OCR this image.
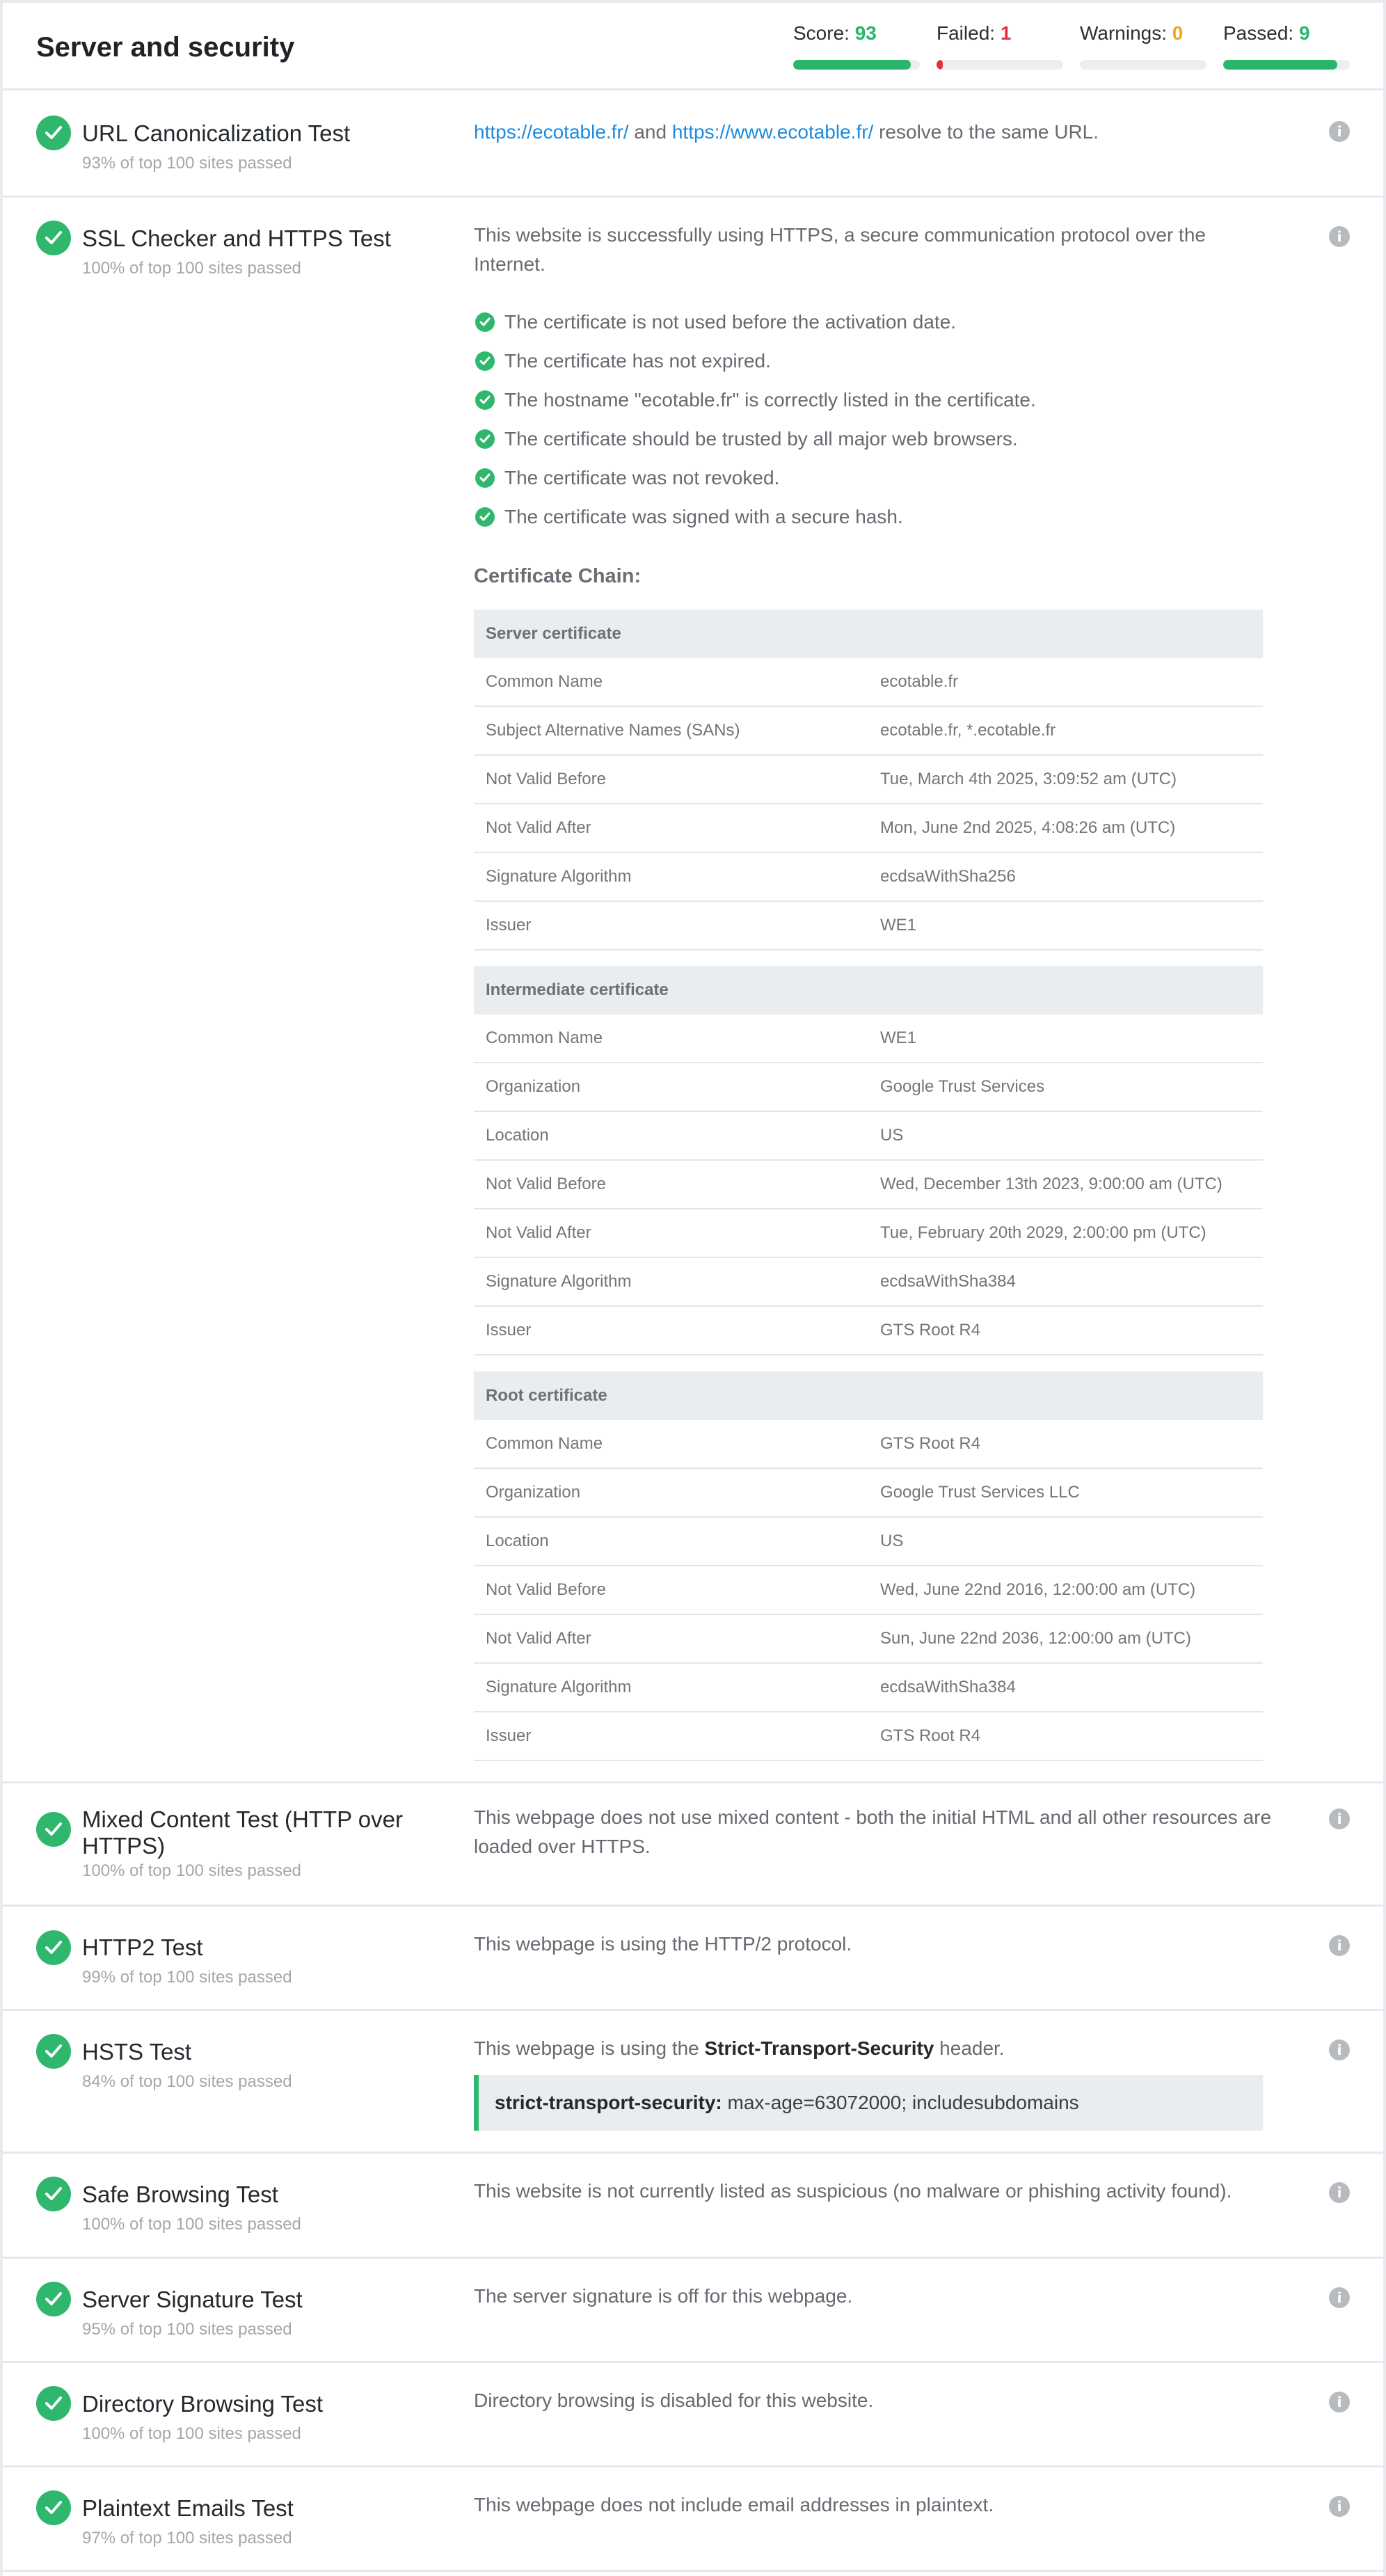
Server and security	Score: 93	Failed: 1	Warnings: 0	Passed: 9
URL Canonicalization Test
93% of top 100 sites passed
https://ecotable.fr/ and https://www.ecotable.fr/ resolve to the same URL.	i
SSL Checker and HTTPS Test
100% of top 100 sites passed
This website is successfully using HTTPS, a secure communication protocol over the Internet.
i
The certificate is not used before the activation date.
The certificate has not expired.
The hostname "ecotable.fr" is correctly listed in the certificate.
The certificate should be trusted by all major web browsers.
The certificate was not revoked.
The certificate was signed with a secure hash.
Certificate Chain:
Server certificate
Common Name	ecotable.fr
Subject Alternative Names (SANs)	ecotable.fr, *.ecotable.fr
Not Valid Before	Tue, March 4th 2025, 3:09:52 am (UTC)
Not Valid After	Mon, June 2nd 2025, 4:08:26 am (UTC)
Signature Algorithm	ecdsaWithSha256
Issuer	WE1
Intermediate certificate
Common Name	WE1
Organization	Google Trust Services
Location	US
Not Valid Before	Wed, December 13th 2023, 9:00:00 am (UTC)
Not Valid After	Tue, February 20th 2029, 2:00:00 pm (UTC)
Signature Algorithm	ecdsaWithSha384
Issuer	GTS Root R4
Root certificate
Common Name	GTS Root R4
Organization	Google Trust Services LLC
Location	US
Not Valid Before	Wed, June 22nd 2016, 12:00:00 am (UTC)
Not Valid After	Sun, June 22nd 2036, 12:00:00 am (UTC)
Signature Algorithm	ecdsaWithSha384
Issuer	GTS Root R4
Mixed Content Test (HTTP over HTTPS)
100% of top 100 sites passed
This webpage does not use mixed content - both the initial HTML and all other resources are loaded over HTTPS.
i
HTTP2 Test
99% of top 100 sites passed
This webpage is using the HTTP/2 protocol.	i
HSTS Test
84% of top 100 sites passed
This webpage is using the Strict-Transport-Security header.	i
strict-transport-security: max-age=63072000; includesubdomains
Safe Browsing Test
100% of top 100 sites passed
This website is not currently listed as suspicious (no malware or phishing activity found).	i
Server Signature Test
95% of top 100 sites passed
The server signature is off for this webpage.	i
Directory Browsing Test
100% of top 100 sites passed
Directory browsing is disabled for this website.	i
Plaintext Emails Test
97% of top 100 sites passed
This webpage does not include email addresses in plaintext.	i
